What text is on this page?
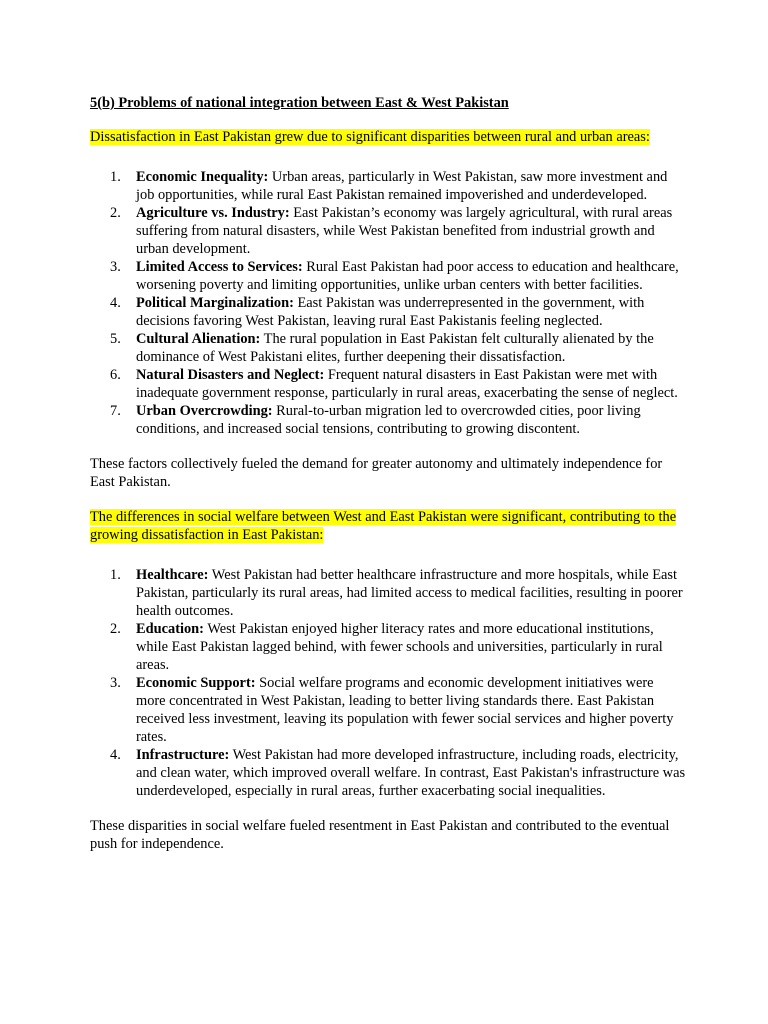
5(b) Problems of national integration between East & West Pakistan

Dissatisfaction in East Pakistan grew due to significant disparities between rural and urban areas:

1. Economic Inequality: Urban areas, particularly in West Pakistan, saw more investment and job opportunities, while rural East Pakistan remained impoverished and underdeveloped.
2. Agriculture vs. Industry: East Pakistan’s economy was largely agricultural, with rural areas suffering from natural disasters, while West Pakistan benefited from industrial growth and urban development.
3. Limited Access to Services: Rural East Pakistan had poor access to education and healthcare, worsening poverty and limiting opportunities, unlike urban centers with better facilities.
4. Political Marginalization: East Pakistan was underrepresented in the government, with decisions favoring West Pakistan, leaving rural East Pakistanis feeling neglected.
5. Cultural Alienation: The rural population in East Pakistan felt culturally alienated by the dominance of West Pakistani elites, further deepening their dissatisfaction.
6. Natural Disasters and Neglect: Frequent natural disasters in East Pakistan were met with inadequate government response, particularly in rural areas, exacerbating the sense of neglect.
7. Urban Overcrowding: Rural-to-urban migration led to overcrowded cities, poor living conditions, and increased social tensions, contributing to growing discontent.

These factors collectively fueled the demand for greater autonomy and ultimately independence for East Pakistan.

The differences in social welfare between West and East Pakistan were significant, contributing to the growing dissatisfaction in East Pakistan:

1. Healthcare: West Pakistan had better healthcare infrastructure and more hospitals, while East Pakistan, particularly its rural areas, had limited access to medical facilities, resulting in poorer health outcomes.
2. Education: West Pakistan enjoyed higher literacy rates and more educational institutions, while East Pakistan lagged behind, with fewer schools and universities, particularly in rural areas.
3. Economic Support: Social welfare programs and economic development initiatives were more concentrated in West Pakistan, leading to better living standards there. East Pakistan received less investment, leaving its population with fewer social services and higher poverty rates.
4. Infrastructure: West Pakistan had more developed infrastructure, including roads, electricity, and clean water, which improved overall welfare. In contrast, East Pakistan's infrastructure was underdeveloped, especially in rural areas, further exacerbating social inequalities.

These disparities in social welfare fueled resentment in East Pakistan and contributed to the eventual push for independence.
